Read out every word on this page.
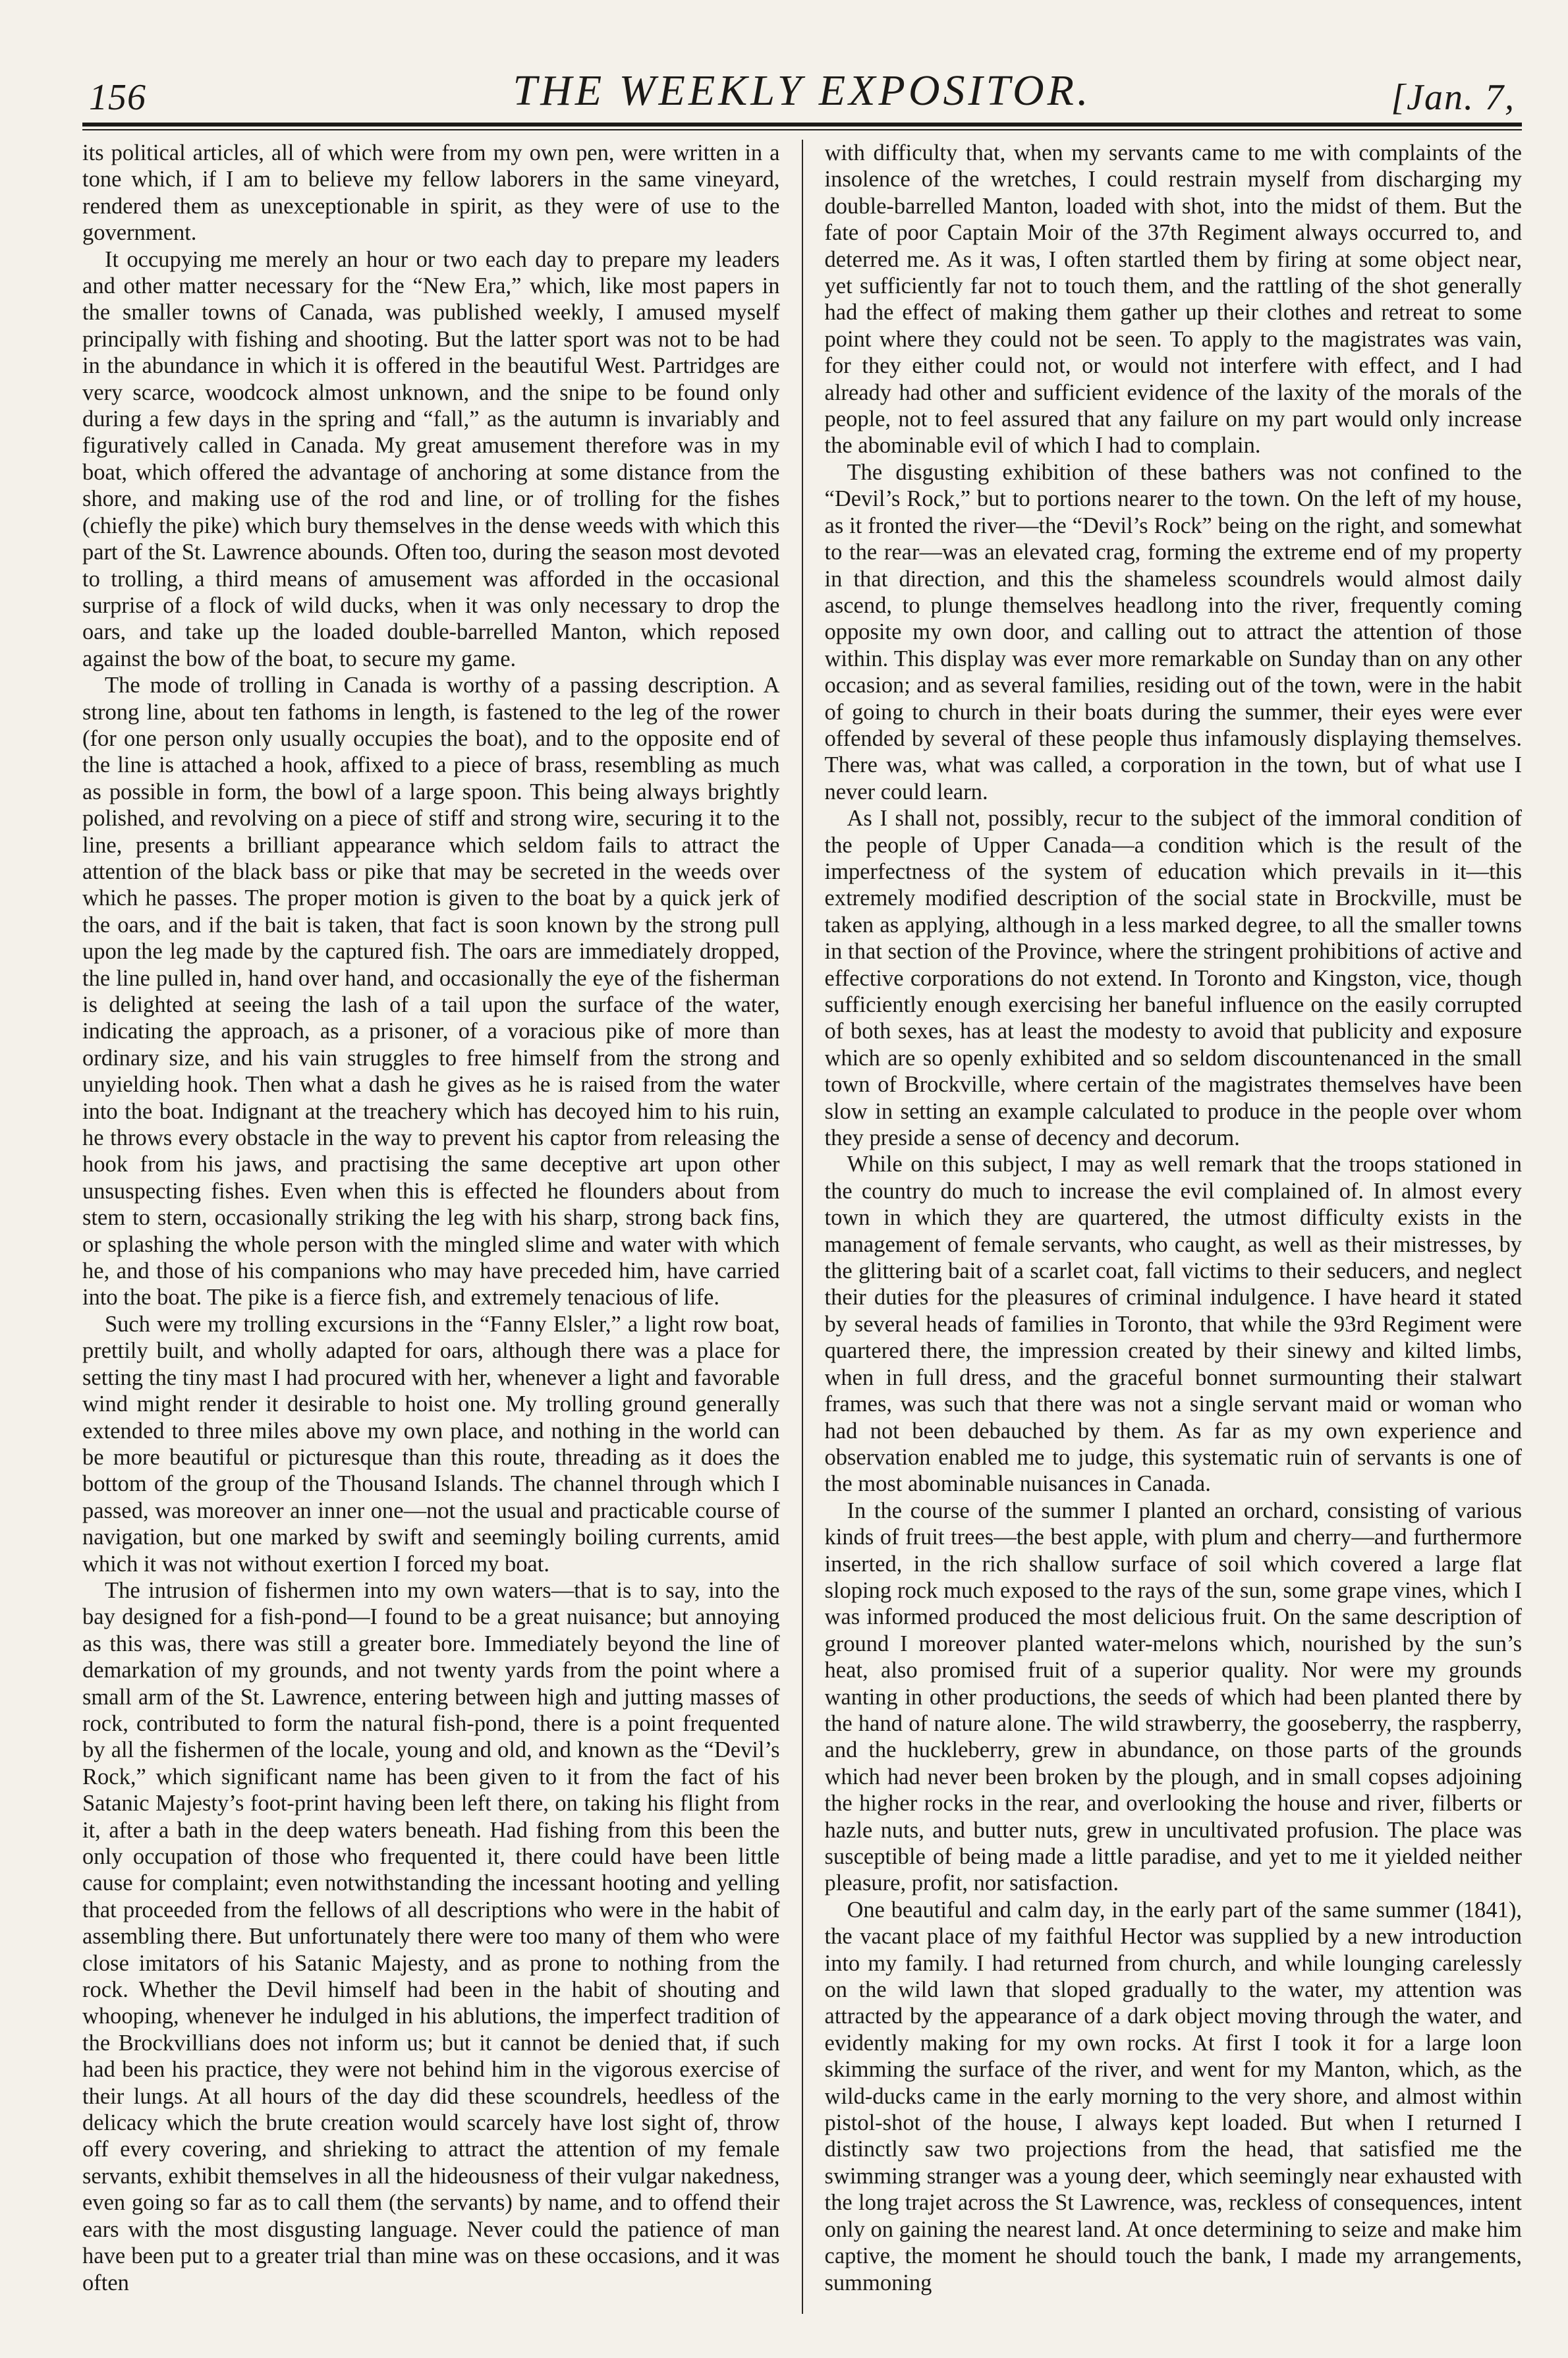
156	THE WEEKLY EXPOSITOR.	[Jan. 7,

its political articles, all of which were from my own pen, were written in a tone which, if I am to believe my fellow laborers in the same vineyard, rendered them as unexceptionable in spirit, as they were of use to the government.

It occupying me merely an hour or two each day to prepare my leaders and other matter necessary for the “New Era,” which, like most papers in the smaller towns of Canada, was published weekly, I amused myself principally with fishing and shooting. But the latter sport was not to be had in the abundance in which it is offered in the beautiful West. Partridges are very scarce, woodcock almost unknown, and the snipe to be found only during a few days in the spring and “fall,” as the autumn is invariably and figuratively called in Canada. My great amusement therefore was in my boat, which offered the advantage of anchoring at some distance from the shore, and making use of the rod and line, or of trolling for the fishes (chiefly the pike) which bury themselves in the dense weeds with which this part of the St. Lawrence abounds. Often too, during the season most devoted to trolling, a third means of amusement was afforded in the occasional surprise of a flock of wild ducks, when it was only necessary to drop the oars, and take up the loaded double-barrelled Manton, which reposed against the bow of the boat, to secure my game.

The mode of trolling in Canada is worthy of a passing description. A strong line, about ten fathoms in length, is fastened to the leg of the rower (for one person only usually occupies the boat), and to the opposite end of the line is attached a hook, affixed to a piece of brass, resembling as much as possible in form, the bowl of a large spoon. This being always brightly polished, and revolving on a piece of stiff and strong wire, securing it to the line, presents a brilliant appearance which seldom fails to attract the attention of the black bass or pike that may be secreted in the weeds over which he passes. The proper motion is given to the boat by a quick jerk of the oars, and if the bait is taken, that fact is soon known by the strong pull upon the leg made by the captured fish. The oars are immediately dropped, the line pulled in, hand over hand, and occasionally the eye of the fisherman is delighted at seeing the lash of a tail upon the surface of the water, indicating the approach, as a prisoner, of a voracious pike of more than ordinary size, and his vain struggles to free himself from the strong and unyielding hook. Then what a dash he gives as he is raised from the water into the boat. Indignant at the treachery which has decoyed him to his ruin, he throws every obstacle in the way to prevent his captor from releasing the hook from his jaws, and practising the same deceptive art upon other unsuspecting fishes. Even when this is effected he flounders about from stem to stern, occasionally striking the leg with his sharp, strong back fins, or splashing the whole person with the mingled slime and water with which he, and those of his companions who may have preceded him, have carried into the boat. The pike is a fierce fish, and extremely tenacious of life.

Such were my trolling excursions in the “Fanny Elsler,” a light row boat, prettily built, and wholly adapted for oars, although there was a place for setting the tiny mast I had procured with her, whenever a light and favorable wind might render it desirable to hoist one. My trolling ground generally extended to three miles above my own place, and nothing in the world can be more beautiful or picturesque than this route, threading as it does the bottom of the group of the Thousand Islands. The channel through which I passed, was moreover an inner one—not the usual and practicable course of navigation, but one marked by swift and seemingly boiling currents, amid which it was not without exertion I forced my boat.

The intrusion of fishermen into my own waters—that is to say, into the bay designed for a fish-pond—I found to be a great nuisance; but annoying as this was, there was still a greater bore. Immediately beyond the line of demarkation of my grounds, and not twenty yards from the point where a small arm of the St. Lawrence, entering between high and jutting masses of rock, contributed to form the natural fish-pond, there is a point frequented by all the fishermen of the locale, young and old, and known as the “Devil’s Rock,” which significant name has been given to it from the fact of his Satanic Majesty’s foot-print having been left there, on taking his flight from it, after a bath in the deep waters beneath. Had fishing from this been the only occupation of those who frequented it, there could have been little cause for complaint; even notwithstanding the incessant hooting and yelling that proceeded from the fellows of all descriptions who were in the habit of assembling there. But unfortunately there were too many of them who were close imitators of his Satanic Majesty, and as prone to nothing from the rock. Whether the Devil himself had been in the habit of shouting and whooping, whenever he indulged in his ablutions, the imperfect tradition of the Brockvillians does not inform us; but it cannot be denied that, if such had been his practice, they were not behind him in the vigorous exercise of their lungs. At all hours of the day did these scoundrels, heedless of the delicacy which the brute creation would scarcely have lost sight of, throw off every covering, and shrieking to attract the attention of my female servants, exhibit themselves in all the hideousness of their vulgar nakedness, even going so far as to call them (the servants) by name, and to offend their ears with the most disgusting language. Never could the patience of man have been put to a greater trial than mine was on these occasions, and it was often

with difficulty that, when my servants came to me with complaints of the insolence of the wretches, I could restrain myself from discharging my double-barrelled Manton, loaded with shot, into the midst of them. But the fate of poor Captain Moir of the 37th Regiment always occurred to, and deterred me. As it was, I often startled them by firing at some object near, yet sufficiently far not to touch them, and the rattling of the shot generally had the effect of making them gather up their clothes and retreat to some point where they could not be seen. To apply to the magistrates was vain, for they either could not, or would not interfere with effect, and I had already had other and sufficient evidence of the laxity of the morals of the people, not to feel assured that any failure on my part would only increase the abominable evil of which I had to complain.

The disgusting exhibition of these bathers was not confined to the “Devil’s Rock,” but to portions nearer to the town. On the left of my house, as it fronted the river—the “Devil’s Rock” being on the right, and somewhat to the rear—was an elevated crag, forming the extreme end of my property in that direction, and this the shameless scoundrels would almost daily ascend, to plunge themselves headlong into the river, frequently coming opposite my own door, and calling out to attract the attention of those within. This display was ever more remarkable on Sunday than on any other occasion; and as several families, residing out of the town, were in the habit of going to church in their boats during the summer, their eyes were ever offended by several of these people thus infamously displaying themselves. There was, what was called, a corporation in the town, but of what use I never could learn.

As I shall not, possibly, recur to the subject of the immoral condition of the people of Upper Canada—a condition which is the result of the imperfectness of the system of education which prevails in it—this extremely modified description of the social state in Brockville, must be taken as applying, although in a less marked degree, to all the smaller towns in that section of the Province, where the stringent prohibitions of active and effective corporations do not extend. In Toronto and Kingston, vice, though sufficiently enough exercising her baneful influence on the easily corrupted of both sexes, has at least the modesty to avoid that publicity and exposure which are so openly exhibited and so seldom discountenanced in the small town of Brockville, where certain of the magistrates themselves have been slow in setting an example calculated to produce in the people over whom they preside a sense of decency and decorum.

While on this subject, I may as well remark that the troops stationed in the country do much to increase the evil complained of. In almost every town in which they are quartered, the utmost difficulty exists in the management of female servants, who caught, as well as their mistresses, by the glittering bait of a scarlet coat, fall victims to their seducers, and neglect their duties for the pleasures of criminal indulgence. I have heard it stated by several heads of families in Toronto, that while the 93rd Regiment were quartered there, the impression created by their sinewy and kilted limbs, when in full dress, and the graceful bonnet surmounting their stalwart frames, was such that there was not a single servant maid or woman who had not been debauched by them. As far as my own experience and observation enabled me to judge, this systematic ruin of servants is one of the most abominable nuisances in Canada.

In the course of the summer I planted an orchard, consisting of various kinds of fruit trees—the best apple, with plum and cherry—and furthermore inserted, in the rich shallow surface of soil which covered a large flat sloping rock much exposed to the rays of the sun, some grape vines, which I was informed produced the most delicious fruit. On the same description of ground I moreover planted water-melons which, nourished by the sun’s heat, also promised fruit of a superior quality. Nor were my grounds wanting in other productions, the seeds of which had been planted there by the hand of nature alone. The wild strawberry, the gooseberry, the raspberry, and the huckleberry, grew in abundance, on those parts of the grounds which had never been broken by the plough, and in small copses adjoining the higher rocks in the rear, and overlooking the house and river, filberts or hazle nuts, and butter nuts, grew in uncultivated profusion. The place was susceptible of being made a little paradise, and yet to me it yielded neither pleasure, profit, nor satisfaction.

One beautiful and calm day, in the early part of the same summer (1841), the vacant place of my faithful Hector was supplied by a new introduction into my family. I had returned from church, and while lounging carelessly on the wild lawn that sloped gradually to the water, my attention was attracted by the appearance of a dark object moving through the water, and evidently making for my own rocks. At first I took it for a large loon skimming the surface of the river, and went for my Manton, which, as the wild-ducks came in the early morning to the very shore, and almost within pistol-shot of the house, I always kept loaded. But when I returned I distinctly saw two projections from the head, that satisfied me the swimming stranger was a young deer, which seemingly near exhausted with the long trajet across the St Lawrence, was, reckless of consequences, intent only on gaining the nearest land. At once determining to seize and make him captive, the moment he should touch the bank, I made my arrangements, summoning
